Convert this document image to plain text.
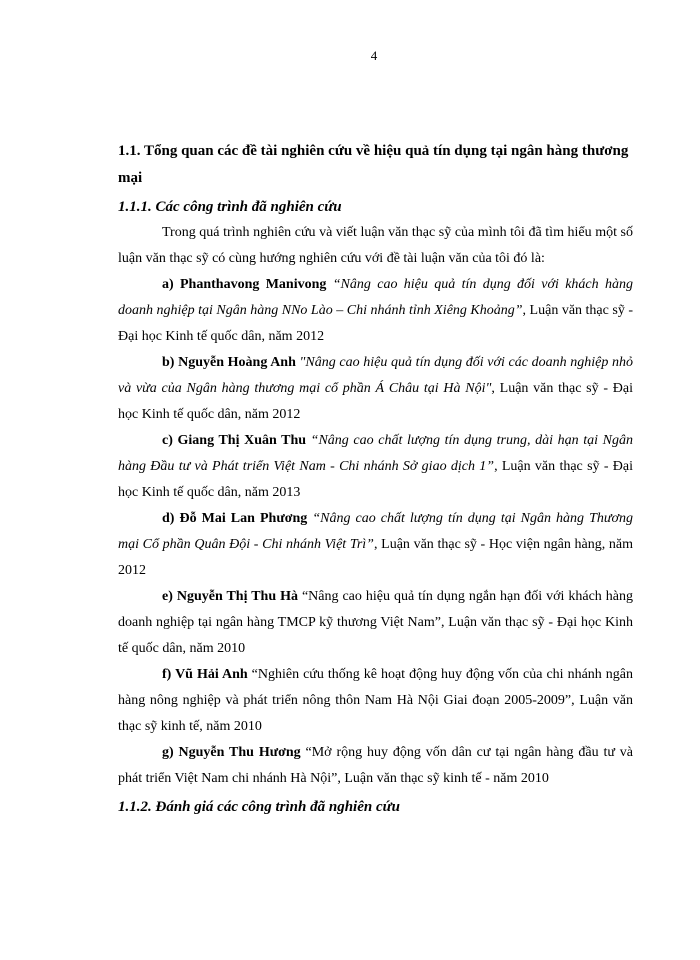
4

1.1. Tổng quan các đề tài nghiên cứu về hiệu quả tín dụng tại ngân hàng thương mại

1.1.1. Các công trình đã nghiên cứu

Trong quá trình nghiên cứu và viết luận văn thạc sỹ của mình tôi đã tìm hiểu một số luận văn thạc sỹ có cùng hướng nghiên cứu với đề tài luận văn của tôi đó là:

a) Phanthavong Manivong “Nâng cao hiệu quả tín dụng đối với khách hàng doanh nghiệp tại Ngân hàng NNo Lào – Chi nhánh tỉnh Xiêng Khoảng”, Luận văn thạc sỹ - Đại học Kinh tế quốc dân, năm 2012

b) Nguyễn Hoàng Anh "Nâng cao hiệu quả tín dụng đối với các doanh nghiệp nhỏ và vừa của Ngân hàng thương mại cổ phần Á Châu tại Hà Nội", Luận văn thạc sỹ - Đại học Kinh tế quốc dân, năm 2012

c) Giang Thị Xuân Thu “Nâng cao chất lượng tín dụng trung, dài hạn tại Ngân hàng Đầu tư và Phát triển Việt Nam - Chi nhánh Sở giao dịch 1”, Luận văn thạc sỹ - Đại học Kinh tế quốc dân, năm 2013

d) Đỗ Mai Lan Phương “Nâng cao chất lượng tín dụng tại Ngân hàng Thương mại Cổ phần Quân Đội - Chi nhánh Việt Trì”, Luận văn thạc sỹ - Học viện ngân hàng, năm 2012

e) Nguyễn Thị Thu Hà “Nâng cao hiệu quả tín dụng ngắn hạn đối với khách hàng doanh nghiệp tại ngân hàng TMCP kỹ thương Việt Nam”, Luận văn thạc sỹ - Đại học Kinh tế quốc dân, năm 2010

f) Vũ Hải Anh “Nghiên cứu thống kê hoạt động huy động vốn của chi nhánh ngân hàng nông nghiệp và phát triển nông thôn Nam Hà Nội Giai đoạn 2005-2009”, Luận văn thạc sỹ kinh tế, năm 2010

g) Nguyễn Thu Hương “Mở rộng huy động vốn dân cư tại ngân hàng đầu tư và phát triển Việt Nam chi nhánh Hà Nội”, Luận văn thạc sỹ kinh tế - năm 2010

1.1.2. Đánh giá các công trình đã nghiên cứu
